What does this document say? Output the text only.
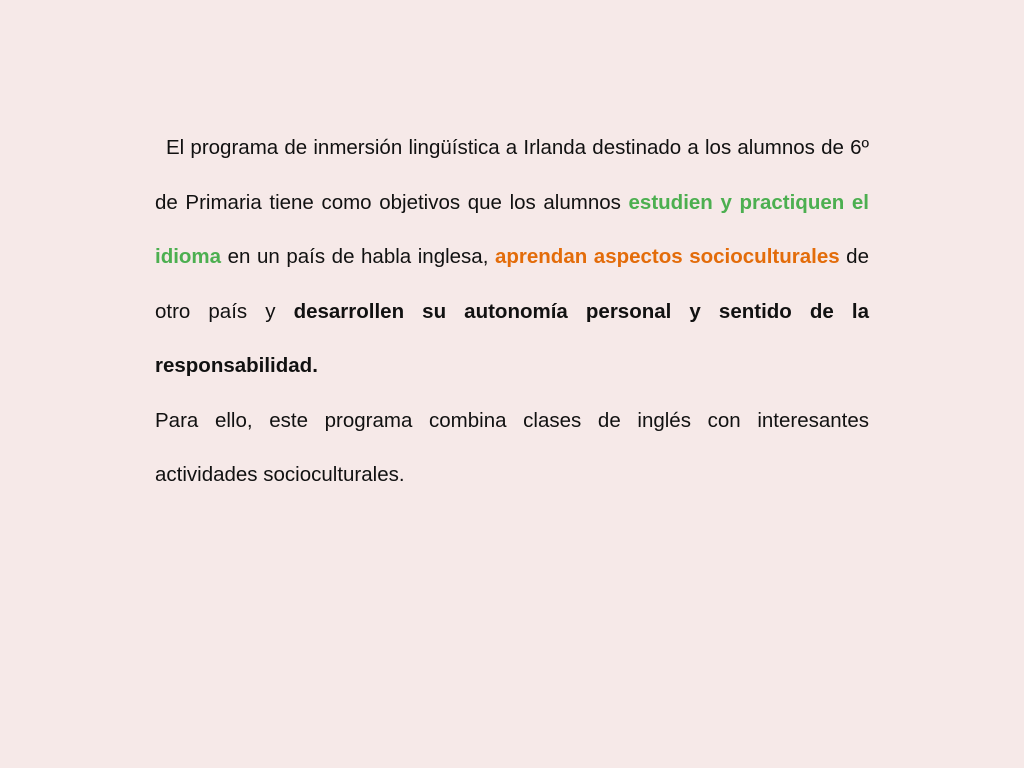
El programa de inmersión lingüística a Irlanda destinado a los alumnos de 6º de Primaria tiene como objetivos que los alumnos estudien y practiquen el idioma en un país de habla inglesa, aprendan aspectos socioculturales de otro país y desarrollen su autonomía personal y sentido de la   responsabilidad.

Para ello, este programa combina clases de inglés con interesantes actividades socioculturales.
